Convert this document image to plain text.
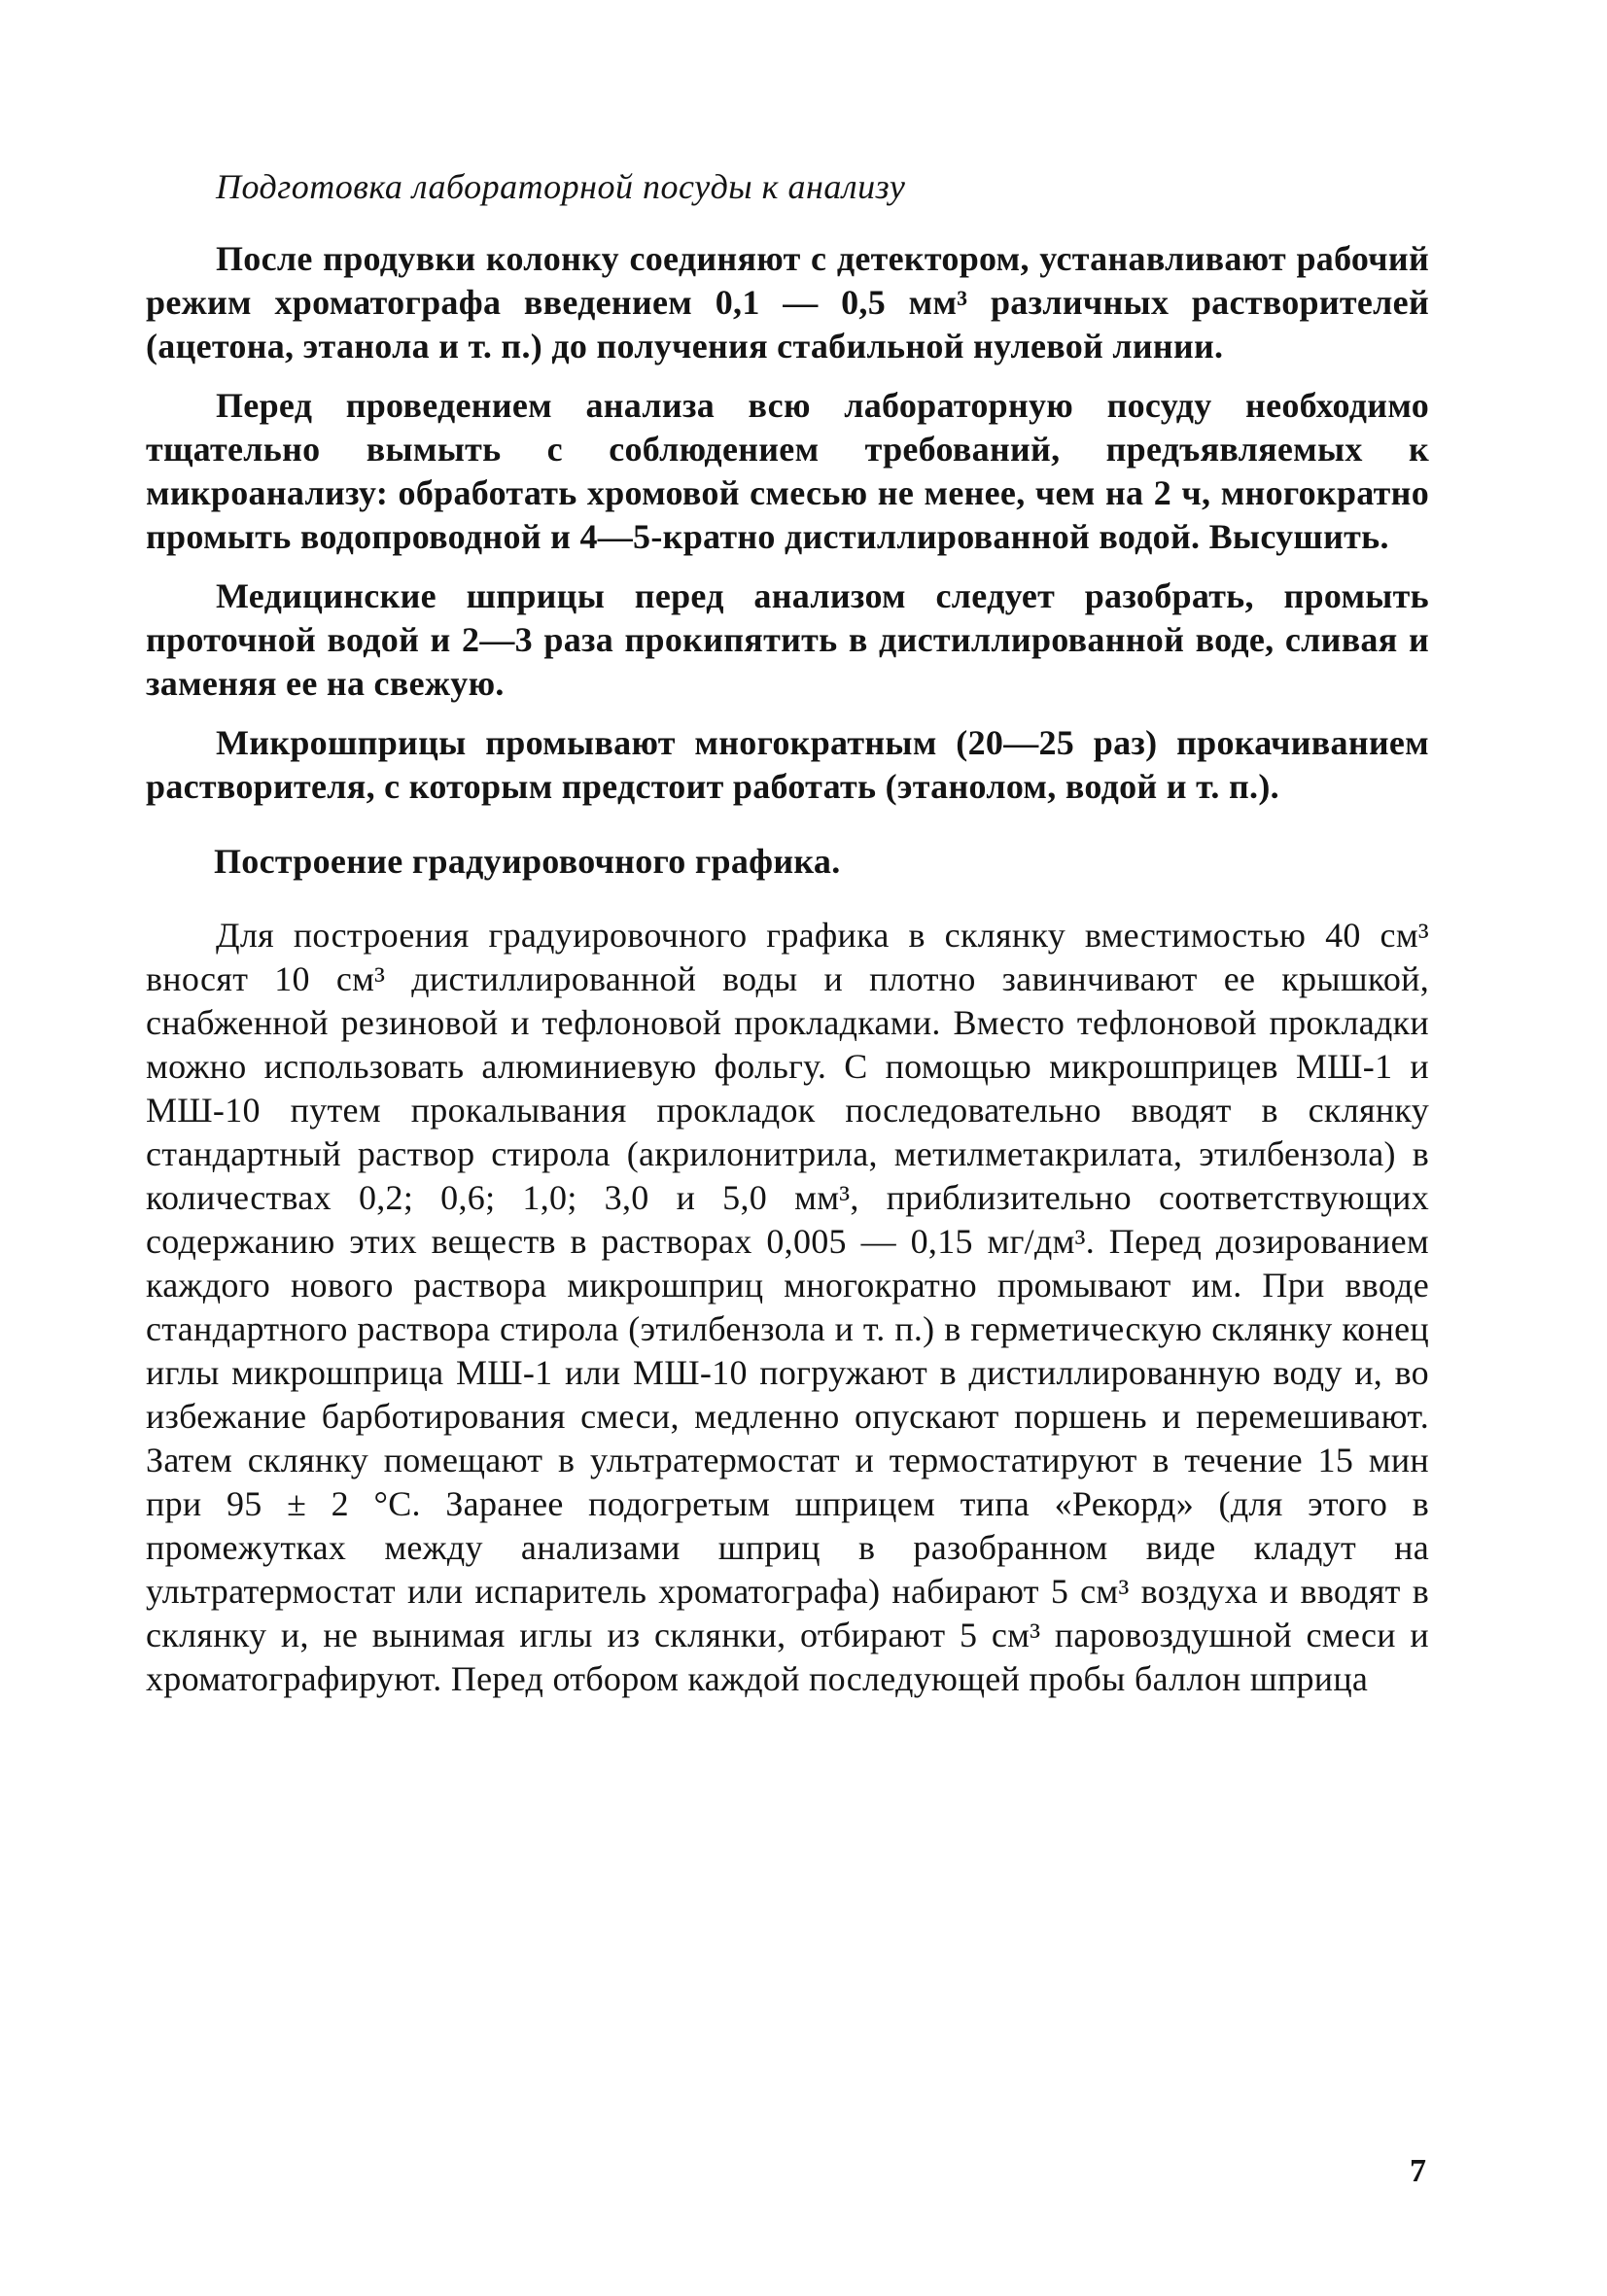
Подготовка лабораторной посуды к анализу

После продувки колонку соединяют с детектором, устанавливают рабочий режим хроматографа введением 0,1 — 0,5 мм³ различных растворителей (ацетона, этанола и т. п.) до получения стабильной нулевой линии.

Перед проведением анализа всю лабораторную посуду необходимо тщательно вымыть с соблюдением требований, предъявляемых к микроанализу: обработать хромовой смесью не менее, чем на 2 ч, многократно промыть водопроводной и 4—5-кратно дистиллированной водой. Высушить.

Медицинские шприцы перед анализом следует разобрать, промыть проточной водой и 2—3 раза прокипятить в дистиллированной воде, сливая и заменяя ее на свежую.

Микрошприцы промывают многократным (20—25 раз) прокачиванием растворителя, с которым предстоит работать (этанолом, водой и т. п.).

Построение градуировочного графика.

Для построения градуировочного графика в склянку вместимостью 40 см³ вносят 10 см³ дистиллированной воды и плотно завинчивают ее крышкой, снабженной резиновой и тефлоновой прокладками. Вместо тефлоновой прокладки можно использовать алюминиевую фольгу. С помощью микрошприцев МШ-1 и МШ-10 путем прокалывания прокладок последовательно вводят в склянку стандартный раствор стирола (акрилонитрила, метилметакрилата, этилбензола) в количествах 0,2; 0,6; 1,0; 3,0 и 5,0 мм³, приблизительно соответствующих содержанию этих веществ в растворах 0,005 — 0,15 мг/дм³. Перед дозированием каждого нового раствора микрошприц многократно промывают им. При вводе стандартного раствора стирола (этилбензола и т. п.) в герметическую склянку конец иглы микрошприца МШ-1 или МШ-10 погружают в дистиллированную воду и, во избежание барботирования смеси, медленно опускают поршень и перемешивают. Затем склянку помещают в ультратермостат и термостатируют в течение 15 мин при 95 ± 2 °С. Заранее подогретым шприцем типа «Рекорд» (для этого в промежутках между анализами шприц в разобранном виде кладут на ультратермостат или испаритель хроматографа) набирают 5 см³ воздуха и вводят в склянку и, не вынимая иглы из склянки, отбирают 5 см³ паровоздушной смеси и хроматографируют. Перед отбором каждой последующей пробы баллон шприца

7
